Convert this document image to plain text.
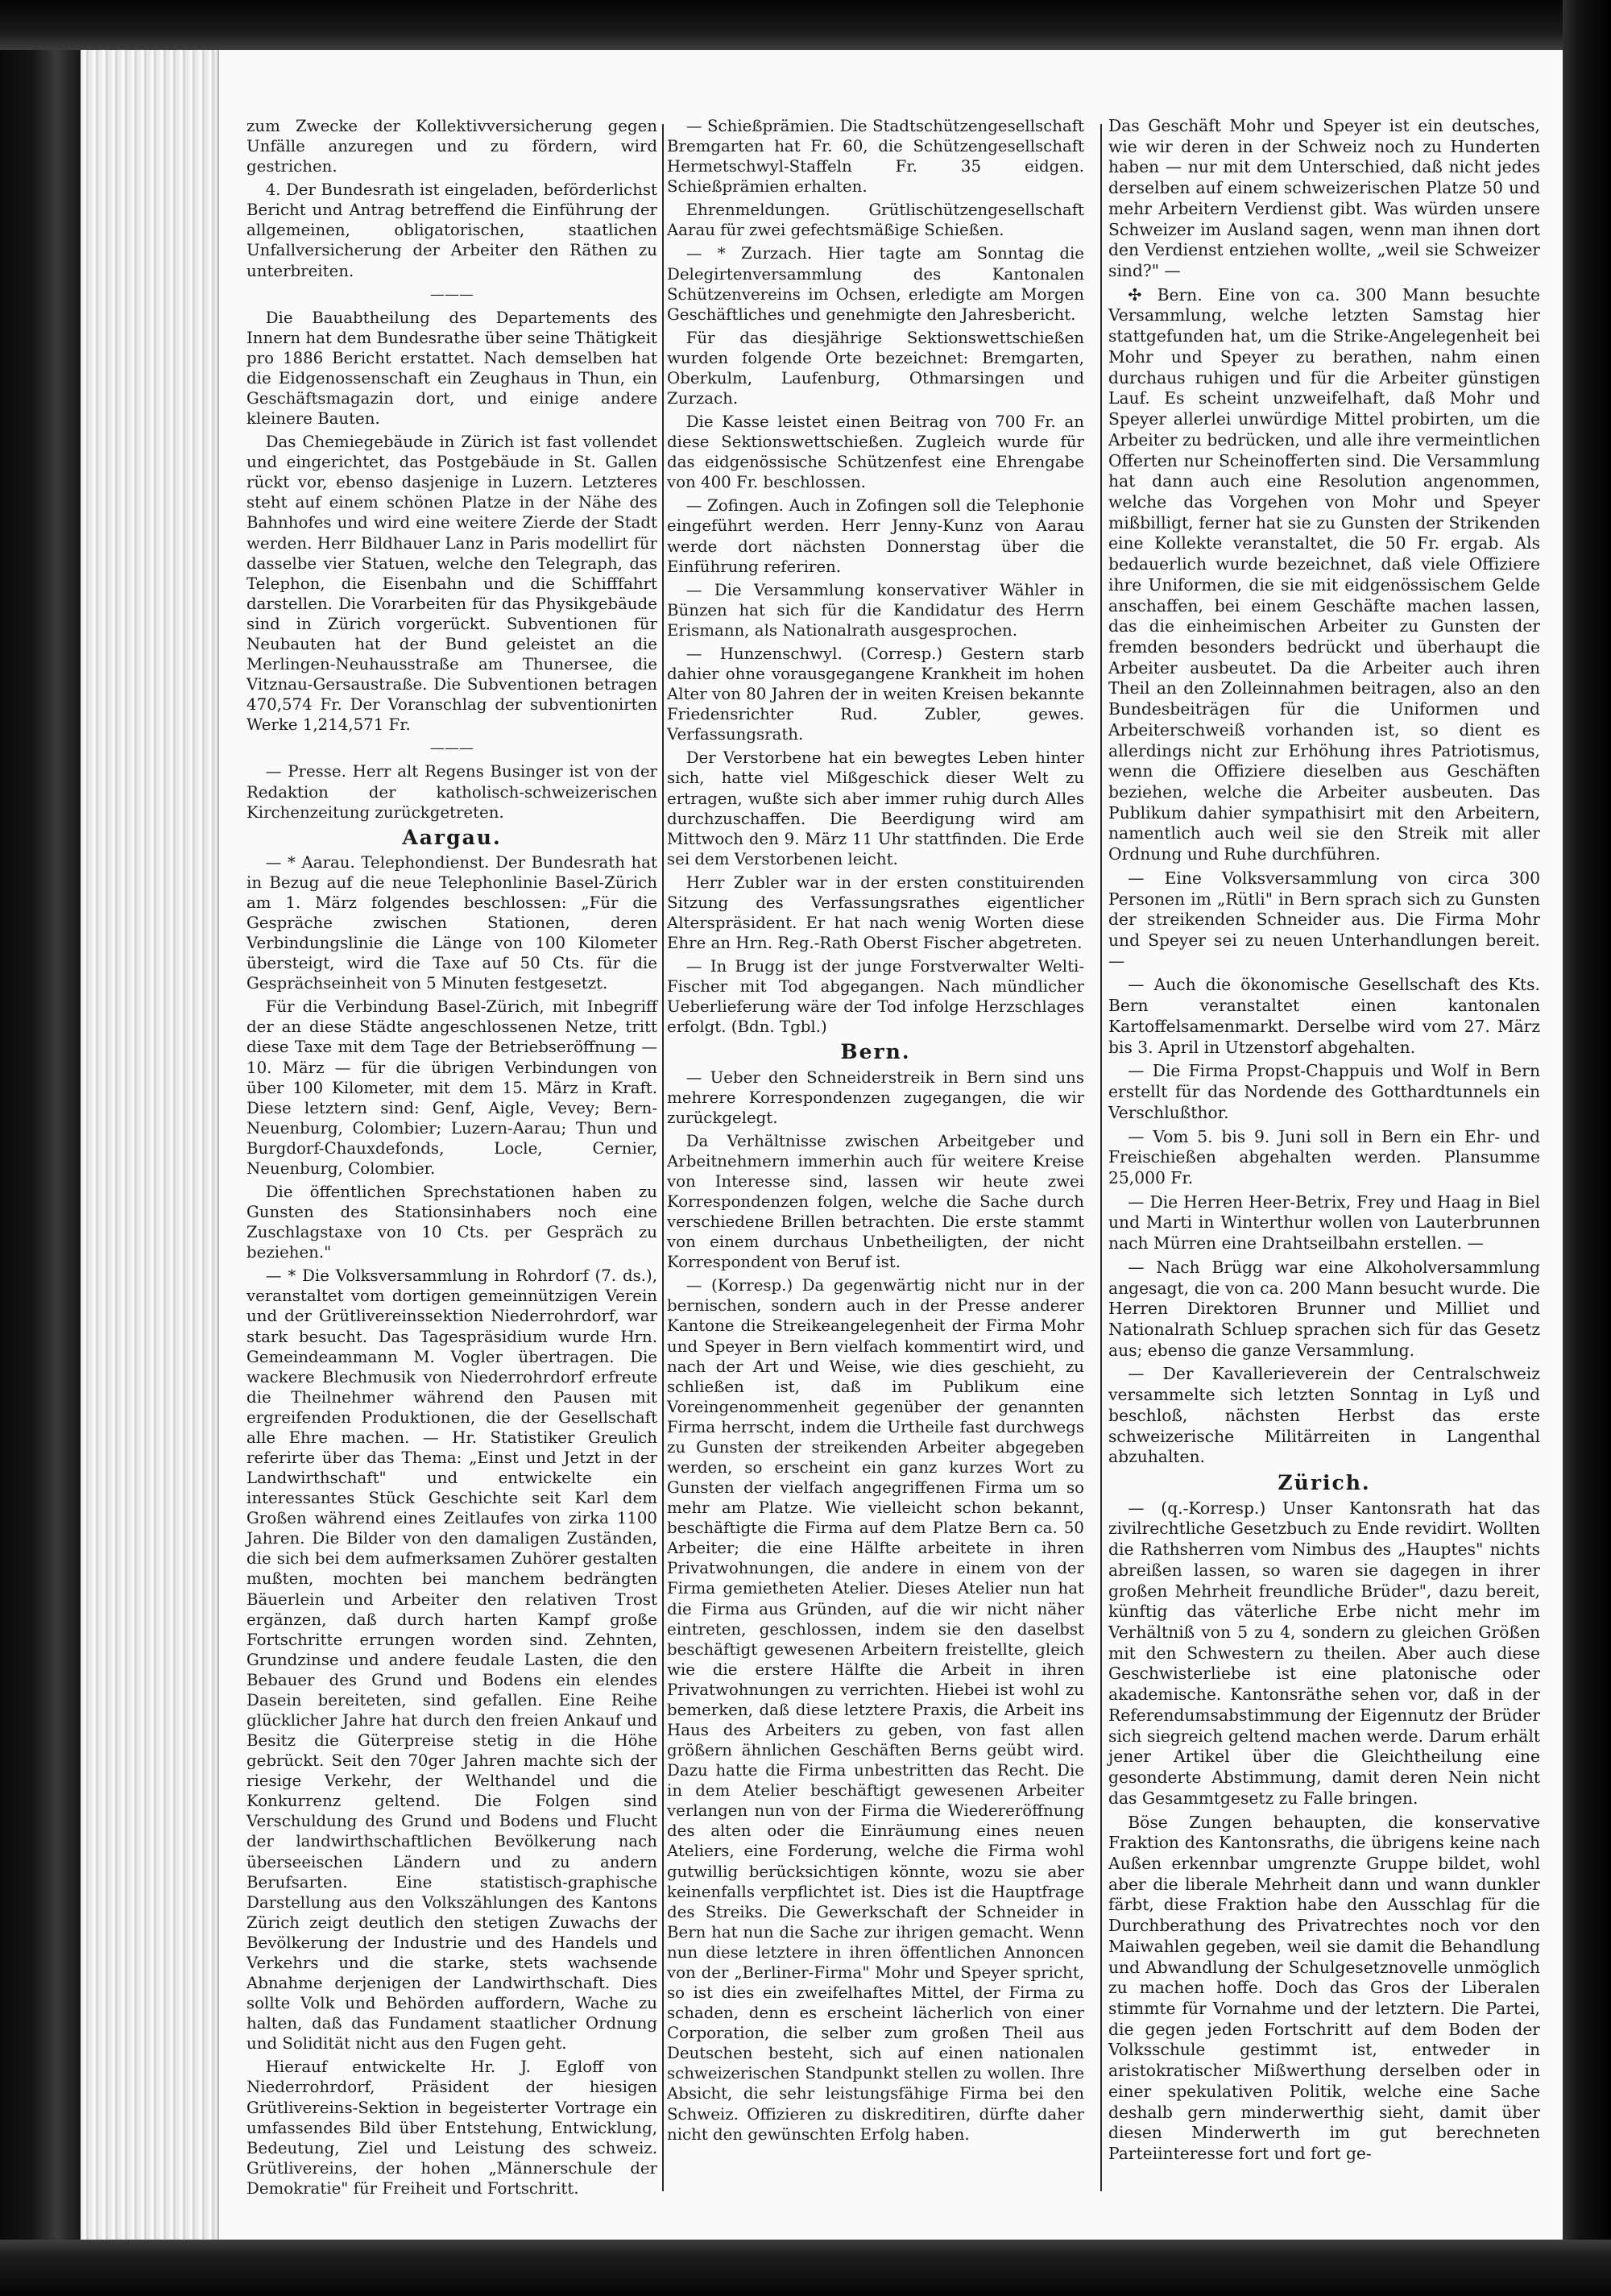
zum Zwecke der Kollektivversicherung gegen Unfälle anzuregen und zu fördern, wird gestrichen.

4. Der Bundesrath ist eingeladen, beförderlichst Bericht und Antrag betreffend die Einführung der allgemeinen, obligatorischen, staatlichen Unfallversicherung der Arbeiter den Räthen zu unterbreiten.

———

Die Bauabtheilung des Departements des Innern hat dem Bundesrathe über seine Thätigkeit pro 1886 Bericht erstattet. Nach demselben hat die Eidgenossenschaft ein Zeughaus in Thun, ein Geschäftsmagazin dort, und einige andere kleinere Bauten.

Das Chemiegebäude in Zürich ist fast vollendet und eingerichtet, das Postgebäude in St. Gallen rückt vor, ebenso dasjenige in Luzern. Letzteres steht auf einem schönen Platze in der Nähe des Bahnhofes und wird eine weitere Zierde der Stadt werden. Herr Bildhauer Lanz in Paris modellirt für dasselbe vier Statuen, welche den Telegraph, das Telephon, die Eisenbahn und die Schifffahrt darstellen. Die Vorarbeiten für das Physikgebäude sind in Zürich vorgerückt. Subventionen für Neubauten hat der Bund geleistet an die Merlingen-Neuhausstraße am Thunersee, die Vitznau-Gersaustraße. Die Subventionen betragen 470,574 Fr. Der Voranschlag der subventionirten Werke 1,214,571 Fr.

———

— Presse. Herr alt Regens Businger ist von der Redaktion der katholisch-schweizerischen Kirchenzeitung zurückgetreten.

Aargau.

— * Aarau. Telephondienst. Der Bundesrath hat in Bezug auf die neue Telephonlinie Basel-Zürich am 1. März folgendes beschlossen: „Für die Gespräche zwischen Stationen, deren Verbindungslinie die Länge von 100 Kilometer übersteigt, wird die Taxe auf 50 Cts. für die Gesprächseinheit von 5 Minuten festgesetzt.

Für die Verbindung Basel-Zürich, mit Inbegriff der an diese Städte angeschlossenen Netze, tritt diese Taxe mit dem Tage der Betriebseröffnung — 10. März — für die übrigen Verbindungen von über 100 Kilometer, mit dem 15. März in Kraft. Diese letztern sind: Genf, Aigle, Vevey; Bern-Neuenburg, Colombier; Luzern-Aarau; Thun und Burgdorf-Chauxdefonds, Locle, Cernier, Neuenburg, Colombier.

Die öffentlichen Sprechstationen haben zu Gunsten des Stationsinhabers noch eine Zuschlagstaxe von 10 Cts. per Gespräch zu beziehen."

— * Die Volksversammlung in Rohrdorf (7. ds.), veranstaltet vom dortigen gemeinnützigen Verein und der Grütlivereinssektion Niederrohrdorf, war stark besucht. Das Tagespräsidium wurde Hrn. Gemeindeammann M. Vogler übertragen. Die wackere Blechmusik von Niederrohrdorf erfreute die Theilnehmer während den Pausen mit ergreifenden Produktionen, die der Gesellschaft alle Ehre machen. — Hr. Statistiker Greulich referirte über das Thema: „Einst und Jetzt in der Landwirthschaft" und entwickelte ein interessantes Stück Geschichte seit Karl dem Großen während eines Zeitlaufes von zirka 1100 Jahren. Die Bilder von den damaligen Zuständen, die sich bei dem aufmerksamen Zuhörer gestalten mußten, mochten bei manchem bedrängten Bäuerlein und Arbeiter den relativen Trost ergänzen, daß durch harten Kampf große Fortschritte errungen worden sind. Zehnten, Grundzinse und andere feudale Lasten, die den Bebauer des Grund und Bodens ein elendes Dasein bereiteten, sind gefallen. Eine Reihe glücklicher Jahre hat durch den freien Ankauf und Besitz die Güterpreise stetig in die Höhe gebrückt. Seit den 70ger Jahren machte sich der riesige Verkehr, der Welthandel und die Konkurrenz geltend. Die Folgen sind Verschuldung des Grund und Bodens und Flucht der landwirthschaftlichen Bevölkerung nach überseeischen Ländern und zu andern Berufsarten. Eine statistisch-graphische Darstellung aus den Volkszählungen des Kantons Zürich zeigt deutlich den stetigen Zuwachs der Bevölkerung der Industrie und des Handels und Verkehrs und die starke, stets wachsende Abnahme derjenigen der Landwirthschaft. Dies sollte Volk und Behörden auffordern, Wache zu halten, daß das Fundament staatlicher Ordnung und Solidität nicht aus den Fugen geht.

Hierauf entwickelte Hr. J. Egloff von Niederrohrdorf, Präsident der hiesigen Grütlivereins-Sektion in begeisterter Vortrage ein umfassendes Bild über Entstehung, Entwicklung, Bedeutung, Ziel und Leistung des schweiz. Grütlivereins, der hohen „Männerschule der Demokratie" für Freiheit und Fortschritt.

— Schießprämien. Die Stadtschützengesellschaft Bremgarten hat Fr. 60, die Schützengesellschaft Hermetschwyl-Staffeln Fr. 35 eidgen. Schießprämien erhalten.

Ehrenmeldungen. Grütlischützengesellschaft Aarau für zwei gefechtsmäßige Schießen.

— * Zurzach. Hier tagte am Sonntag die Delegirtenversammlung des Kantonalen Schützenvereins im Ochsen, erledigte am Morgen Geschäftliches und genehmigte den Jahresbericht.

Für das diesjährige Sektionswettschießen wurden folgende Orte bezeichnet: Bremgarten, Oberkulm, Laufenburg, Othmarsingen und Zurzach.

Die Kasse leistet einen Beitrag von 700 Fr. an diese Sektionswettschießen. Zugleich wurde für das eidgenössische Schützenfest eine Ehrengabe von 400 Fr. beschlossen.

— Zofingen. Auch in Zofingen soll die Telephonie eingeführt werden. Herr Jenny-Kunz von Aarau werde dort nächsten Donnerstag über die Einführung referiren.

— Die Versammlung konservativer Wähler in Bünzen hat sich für die Kandidatur des Herrn Erismann, als Nationalrath ausgesprochen.

— Hunzenschwyl. (Corresp.) Gestern starb dahier ohne vorausgegangene Krankheit im hohen Alter von 80 Jahren der in weiten Kreisen bekannte Friedensrichter Rud. Zubler, gewes. Verfassungsrath.

Der Verstorbene hat ein bewegtes Leben hinter sich, hatte viel Mißgeschick dieser Welt zu ertragen, wußte sich aber immer ruhig durch Alles durchzuschaffen. Die Beerdigung wird am Mittwoch den 9. März 11 Uhr stattfinden. Die Erde sei dem Verstorbenen leicht.

Herr Zubler war in der ersten constituirenden Sitzung des Verfassungsrathes eigentlicher Alterspräsident. Er hat nach wenig Worten diese Ehre an Hrn. Reg.-Rath Oberst Fischer abgetreten.

— In Brugg ist der junge Forstverwalter Welti-Fischer mit Tod abgegangen. Nach mündlicher Ueberlieferung wäre der Tod infolge Herzschlages erfolgt. (Bdn. Tgbl.)

Bern.

— Ueber den Schneiderstreik in Bern sind uns mehrere Korrespondenzen zugegangen, die wir zurückgelegt.

Da Verhältnisse zwischen Arbeitgeber und Arbeitnehmern immerhin auch für weitere Kreise von Interesse sind, lassen wir heute zwei Korrespondenzen folgen, welche die Sache durch verschiedene Brillen betrachten. Die erste stammt von einem durchaus Unbetheiligten, der nicht Korrespondent von Beruf ist.

— (Korresp.) Da gegenwärtig nicht nur in der bernischen, sondern auch in der Presse anderer Kantone die Streikeangelegenheit der Firma Mohr und Speyer in Bern vielfach kommentirt wird, und nach der Art und Weise, wie dies geschieht, zu schließen ist, daß im Publikum eine Voreingenommenheit gegenüber der genannten Firma herrscht, indem die Urtheile fast durchwegs zu Gunsten der streikenden Arbeiter abgegeben werden, so erscheint ein ganz kurzes Wort zu Gunsten der vielfach angegriffenen Firma um so mehr am Platze. Wie vielleicht schon bekannt, beschäftigte die Firma auf dem Platze Bern ca. 50 Arbeiter; die eine Hälfte arbeitete in ihren Privatwohnungen, die andere in einem von der Firma gemietheten Atelier. Dieses Atelier nun hat die Firma aus Gründen, auf die wir nicht näher eintreten, geschlossen, indem sie den daselbst beschäftigt gewesenen Arbeitern freistellte, gleich wie die erstere Hälfte die Arbeit in ihren Privatwohnungen zu verrichten. Hiebei ist wohl zu bemerken, daß diese letztere Praxis, die Arbeit ins Haus des Arbeiters zu geben, von fast allen größern ähnlichen Geschäften Berns geübt wird. Dazu hatte die Firma unbestritten das Recht. Die in dem Atelier beschäftigt gewesenen Arbeiter verlangen nun von der Firma die Wiedereröffnung des alten oder die Einräumung eines neuen Ateliers, eine Forderung, welche die Firma wohl gutwillig berücksichtigen könnte, wozu sie aber keinenfalls verpflichtet ist. Dies ist die Hauptfrage des Streiks. Die Gewerkschaft der Schneider in Bern hat nun die Sache zur ihrigen gemacht. Wenn nun diese letztere in ihren öffentlichen Annoncen von der „Berliner-Firma" Mohr und Speyer spricht, so ist dies ein zweifelhaftes Mittel, der Firma zu schaden, denn es erscheint lächerlich von einer Corporation, die selber zum großen Theil aus Deutschen besteht, sich auf einen nationalen schweizerischen Standpunkt stellen zu wollen. Ihre Absicht, die sehr leistungsfähige Firma bei den Schweiz. Offizieren zu diskreditiren, dürfte daher nicht den gewünschten Erfolg haben.

Das Geschäft Mohr und Speyer ist ein deutsches, wie wir deren in der Schweiz noch zu Hunderten haben — nur mit dem Unterschied, daß nicht jedes derselben auf einem schweizerischen Platze 50 und mehr Arbeitern Verdienst gibt. Was würden unsere Schweizer im Ausland sagen, wenn man ihnen dort den Verdienst entziehen wollte, „weil sie Schweizer sind?" —

✣ Bern. Eine von ca. 300 Mann besuchte Versammlung, welche letzten Samstag hier stattgefunden hat, um die Strike-Angelegenheit bei Mohr und Speyer zu berathen, nahm einen durchaus ruhigen und für die Arbeiter günstigen Lauf. Es scheint unzweifelhaft, daß Mohr und Speyer allerlei unwürdige Mittel probirten, um die Arbeiter zu bedrücken, und alle ihre vermeintlichen Offerten nur Scheinofferten sind. Die Versammlung hat dann auch eine Resolution angenommen, welche das Vorgehen von Mohr und Speyer mißbilligt, ferner hat sie zu Gunsten der Strikenden eine Kollekte veranstaltet, die 50 Fr. ergab. Als bedauerlich wurde bezeichnet, daß viele Offiziere ihre Uniformen, die sie mit eidgenössischem Gelde anschaffen, bei einem Geschäfte machen lassen, das die einheimischen Arbeiter zu Gunsten der fremden besonders bedrückt und überhaupt die Arbeiter ausbeutet. Da die Arbeiter auch ihren Theil an den Zolleinnahmen beitragen, also an den Bundesbeiträgen für die Uniformen und Arbeiterschweiß vorhanden ist, so dient es allerdings nicht zur Erhöhung ihres Patriotismus, wenn die Offiziere dieselben aus Geschäften beziehen, welche die Arbeiter ausbeuten. Das Publikum dahier sympathisirt mit den Arbeitern, namentlich auch weil sie den Streik mit aller Ordnung und Ruhe durchführen.

— Eine Volksversammlung von circa 300 Personen im „Rütli" in Bern sprach sich zu Gunsten der streikenden Schneider aus. Die Firma Mohr und Speyer sei zu neuen Unterhandlungen bereit. —

— Auch die ökonomische Gesellschaft des Kts. Bern veranstaltet einen kantonalen Kartoffelsamenmarkt. Derselbe wird vom 27. März bis 3. April in Utzenstorf abgehalten.

— Die Firma Propst-Chappuis und Wolf in Bern erstellt für das Nordende des Gotthardtunnels ein Verschlußthor.

— Vom 5. bis 9. Juni soll in Bern ein Ehr- und Freischießen abgehalten werden. Plansumme 25,000 Fr.

— Die Herren Heer-Betrix, Frey und Haag in Biel und Marti in Winterthur wollen von Lauterbrunnen nach Mürren eine Drahtseilbahn erstellen. —

— Nach Brügg war eine Alkoholversammlung angesagt, die von ca. 200 Mann besucht wurde. Die Herren Direktoren Brunner und Milliet und Nationalrath Schluep sprachen sich für das Gesetz aus; ebenso die ganze Versammlung.

— Der Kavallerieverein der Centralschweiz versammelte sich letzten Sonntag in Lyß und beschloß, nächsten Herbst das erste schweizerische Militärreiten in Langenthal abzuhalten.

Zürich.

— (q.-Korresp.) Unser Kantonsrath hat das zivilrechtliche Gesetzbuch zu Ende revidirt. Wollten die Rathsherren vom Nimbus des „Hauptes" nichts abreißen lassen, so waren sie dagegen in ihrer großen Mehrheit freundliche Brüder", dazu bereit, künftig das väterliche Erbe nicht mehr im Verhältniß von 5 zu 4, sondern zu gleichen Größen mit den Schwestern zu theilen. Aber auch diese Geschwisterliebe ist eine platonische oder akademische. Kantonsräthe sehen vor, daß in der Referendumsabstimmung der Eigennutz der Brüder sich siegreich geltend machen werde. Darum erhält jener Artikel über die Gleichtheilung eine gesonderte Abstimmung, damit deren Nein nicht das Gesammtgesetz zu Falle bringen.

Böse Zungen behaupten, die konservative Fraktion des Kantonsraths, die übrigens keine nach Außen erkennbar umgrenzte Gruppe bildet, wohl aber die liberale Mehrheit dann und wann dunkler färbt, diese Fraktion habe den Ausschlag für die Durchberathung des Privatrechtes noch vor den Maiwahlen gegeben, weil sie damit die Behandlung und Abwandlung der Schulgesetznovelle unmöglich zu machen hoffe. Doch das Gros der Liberalen stimmte für Vornahme und der letztern. Die Partei, die gegen jeden Fortschritt auf dem Boden der Volksschule gestimmt ist, entweder in aristokratischer Mißwerthung derselben oder in einer spekulativen Politik, welche eine Sache deshalb gern minderwerthig sieht, damit über diesen Minderwerth im gut berechneten Parteiinteresse fort und fort ge-
